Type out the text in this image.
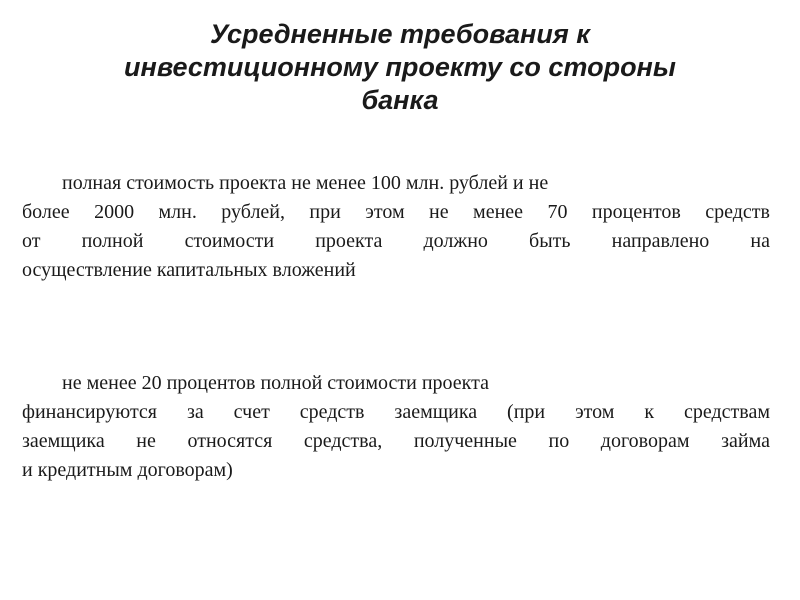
Усредненные требования к
инвестиционному проекту со стороны
банка

полная стоимость проекта не менее 100 млн. рублей и не
более 2000 млн. рублей, при этом не менее 70 процентов средств
от полной стоимости проекта должно быть направлено на
осуществление капитальных вложений

не менее 20 процентов полной стоимости проекта
финансируются за счет средств заемщика (при этом к средствам
заемщика не относятся средства, полученные по договорам займа
и кредитным договорам)
